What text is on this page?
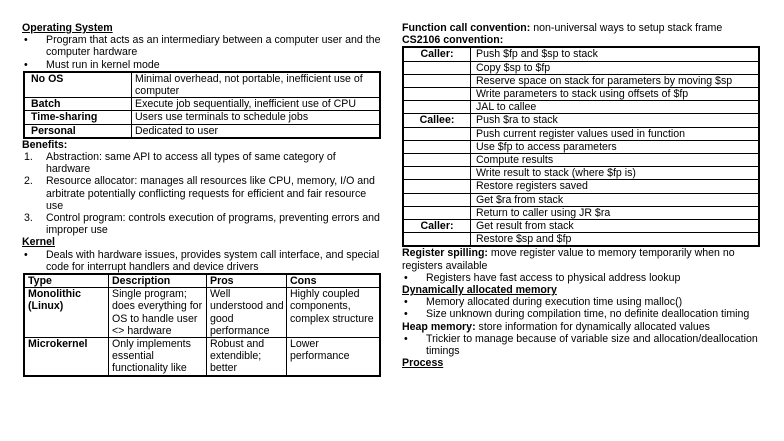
Operating System
• Program that acts as an intermediary between a computer user and the computer hardware
• Must run in kernel mode
No OS	Minimal overhead, not portable, inefficient use of computer
Batch	Execute job sequentially, inefficient use of CPU
Time-sharing	Users use terminals to schedule jobs
Personal	Dedicated to user
Benefits:
1. Abstraction: same API to access all types of same category of hardware
2. Resource allocator: manages all resources like CPU, memory, I/O and arbitrate potentially conflicting requests for efficient and fair resource use
3. Control program: controls execution of programs, preventing errors and improper use
Kernel
• Deals with hardware issues, provides system call interface, and special code for interrupt handlers and device drivers
Type	Description	Pros	Cons
Monolithic (Linux)	Single program; does everything for OS to handle user <> hardware	Well understood and good performance	Highly coupled components, complex structure
Microkernel	Only implements essential functionality like	Robust and extendible; better	Lower performance

Function call convention: non-universal ways to setup stack frame

CS2106 convention:
Caller:	Push $fp and $sp to stack
	Copy $sp to $fp
	Reserve space on stack for parameters by moving $sp
	Write parameters to stack using offsets of $fp
	JAL to callee
Callee:	Push $ra to stack
	Push current register values used in function
	Use $fp to access parameters
	Compute results
	Write result to stack (where $fp is)
	Restore registers saved
	Get $ra from stack
	Return to caller using JR $ra
Caller:	Get result from stack
	Restore $sp and $fp

Register spilling: move register value to memory temporarily when no registers available

• Registers have fast access to physical address lookup
Dynamically allocated memory
• Memory allocated during execution time using malloc()
• Size unknown during compilation time, no definite deallocation timing

Heap memory: store information for dynamically allocated values

• Trickier to manage because of variable size and allocation/deallocation timings
Process
